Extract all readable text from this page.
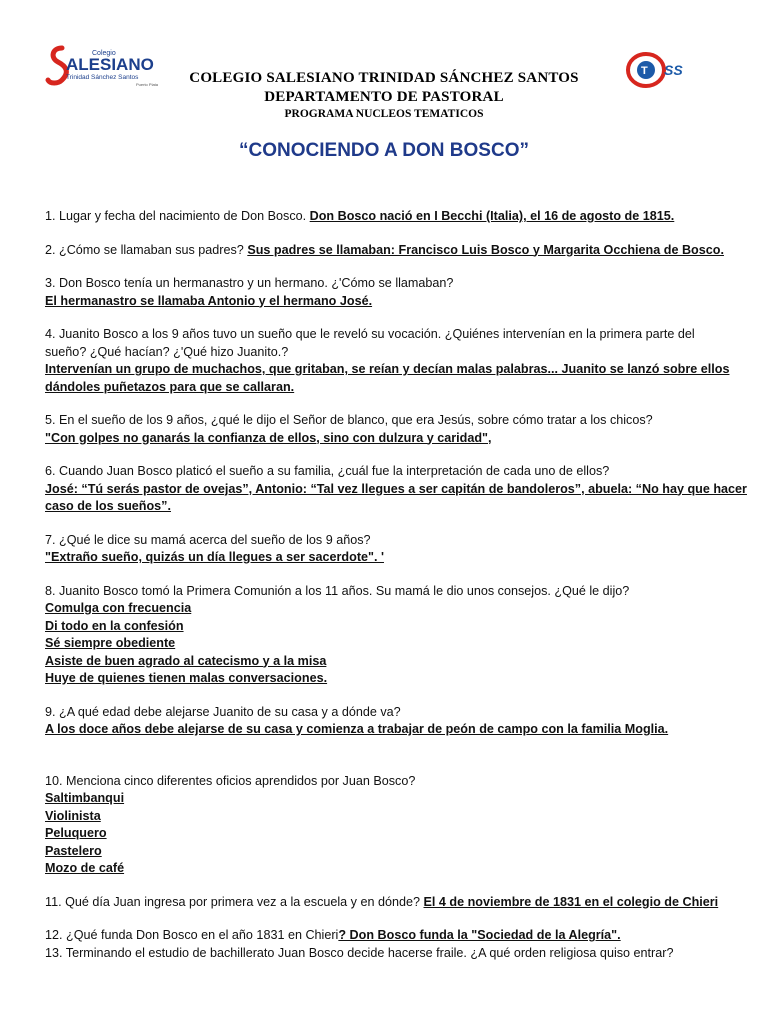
Colegio
ALESIANO
Trinidad Sánchez Santos
Puerto Plata
T SS
COLEGIO SALESIANO TRINIDAD SÁNCHEZ SANTOS
DEPARTAMENTO DE PASTORAL
PROGRAMA NUCLEOS TEMATICOS
“CONOCIENDO A DON BOSCO”
1. Lugar y fecha del nacimiento de Don Bosco. Don Bosco nació en I Becchi (Italia), el 16 de agosto de 1815.
2. ¿Cómo se llamaban sus padres? Sus padres se llamaban: Francisco Luis Bosco y Margarita Occhiena de Bosco.
3. Don Bosco tenía un hermanastro y un hermano. ¿'Cómo se llamaban?
El hermanastro se llamaba Antonio y el hermano José.
4. Juanito Bosco a los 9 años tuvo un sueño que le reveló su vocación. ¿Quiénes intervenían en la primera parte del
sueño? ¿Qué hacían? ¿'Qué hizo Juanito.?
Intervenían un grupo de muchachos, que gritaban, se reían y decían malas palabras... Juanito se lanzó sobre ellos
dándoles puñetazos para que se callaran.
5. En el sueño de los 9 años, ¿qué le dijo el Señor de blanco, que era Jesús, sobre cómo tratar a los chicos?
"Con golpes no ganarás la confianza de ellos, sino con dulzura y caridad",
6. Cuando Juan Bosco platicó el sueño a su familia, ¿cuál fue la interpretación de cada uno de ellos?
José: “Tú serás pastor de ovejas”, Antonio: “Tal vez llegues a ser capitán de bandoleros”, abuela: “No hay que hacer
caso de los sueños”.
7. ¿Qué le dice su mamá acerca del sueño de los 9 años?
"Extraño sueño, quizás un día llegues a ser sacerdote". '
8. Juanito Bosco tomó la Primera Comunión a los 11 años. Su mamá le dio unos consejos. ¿Qué le dijo?
Comulga con frecuencia
Di todo en la confesión
Sé siempre obediente
Asiste de buen agrado al catecismo y a la misa
Huye de quienes tienen malas conversaciones.
9. ¿A qué edad debe alejarse Juanito de su casa y a dónde va?
A los doce años debe alejarse de su casa y comienza a trabajar de peón de campo con la familia Moglia.
10. Menciona cinco diferentes oficios aprendidos por Juan Bosco?
Saltimbanqui
Violinista
Peluquero
Pastelero
Mozo de café
11. Qué día Juan ingresa por primera vez a la escuela y en dónde? El 4 de noviembre de 1831 en el colegio de Chieri
12. ¿Qué funda Don Bosco en el año 1831 en Chieri? Don Bosco funda la "Sociedad de la Alegría".
13. Terminando el estudio de bachillerato Juan Bosco decide hacerse fraile. ¿A qué orden religiosa quiso entrar?
